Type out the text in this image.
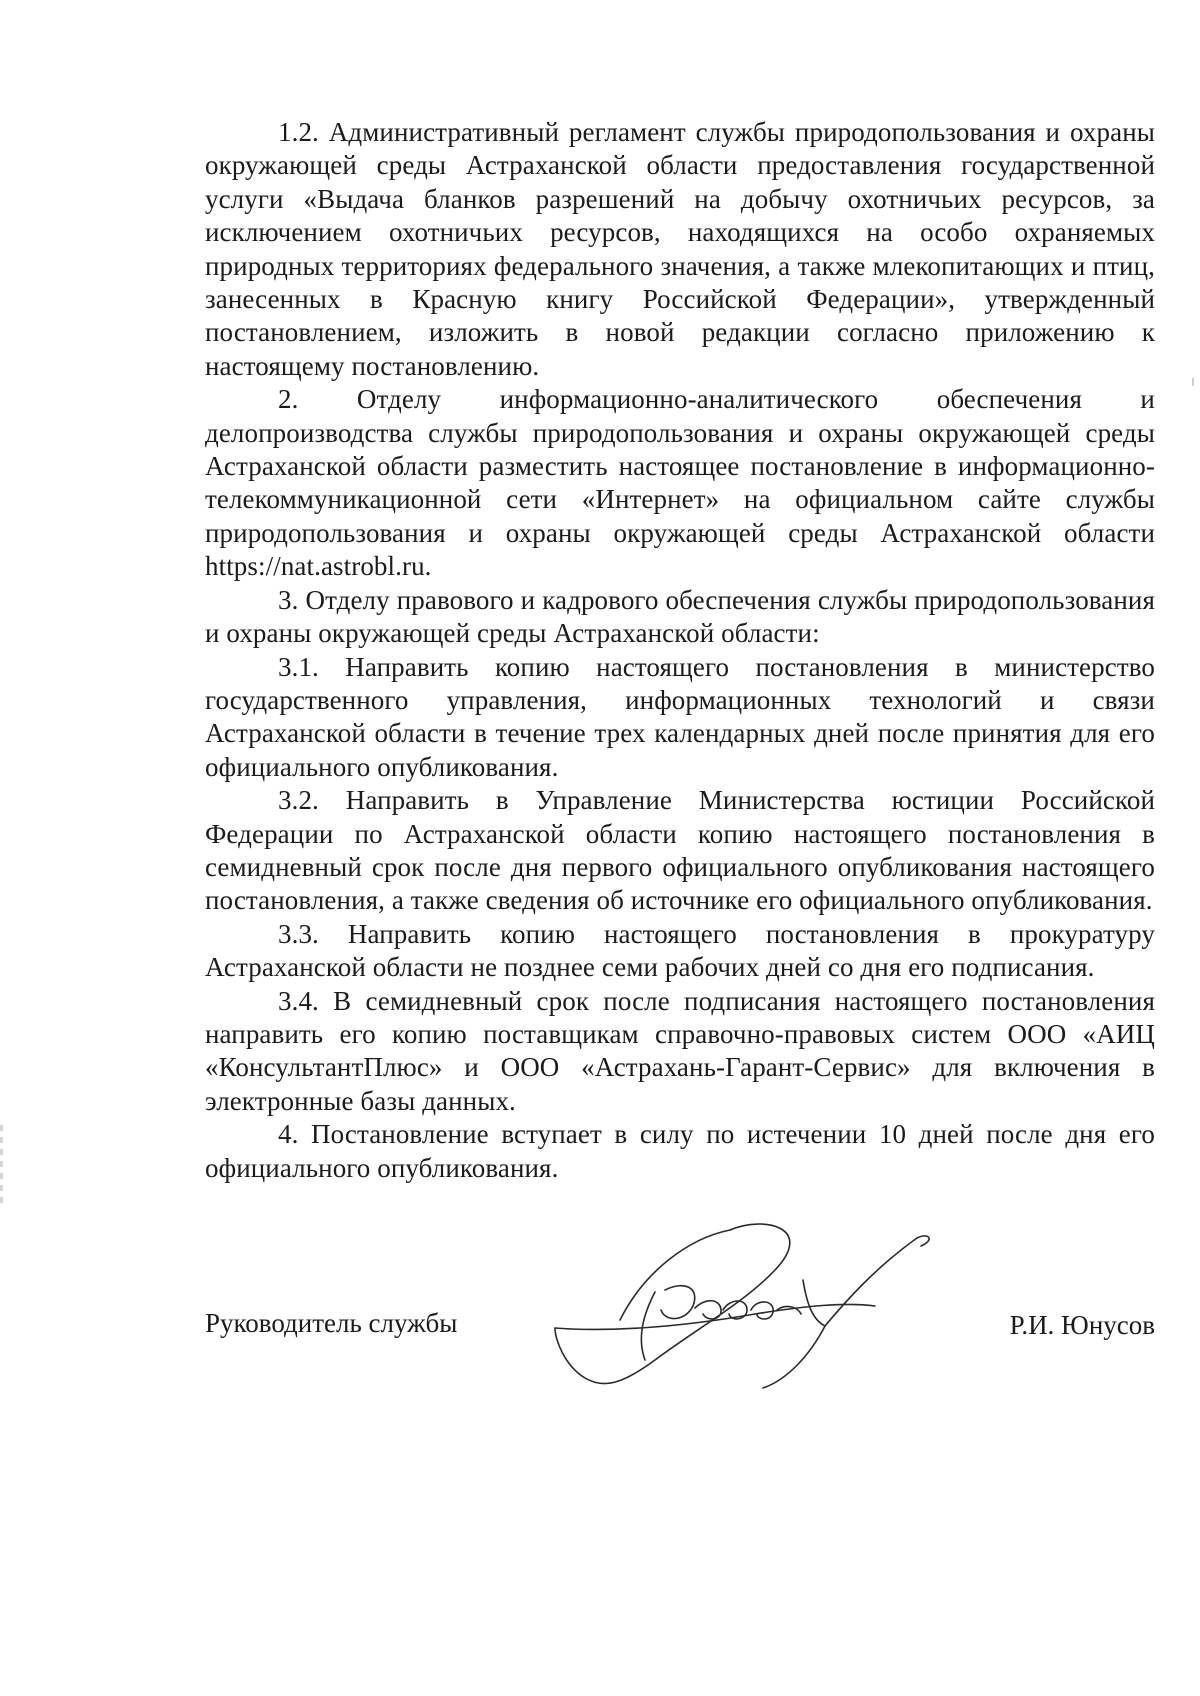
1.2. Административный регламент службы природопользования и охраны окружающей среды Астраханской области предоставления государственной услуги «Выдача бланков разрешений на добычу охотничьих ресурсов, за исключением охотничьих ресурсов, находящихся на особо охраняемых природных территориях федерального значения, а также млекопитающих и птиц, занесенных в Красную книгу Российской Федерации», утвержденный постановлением, изложить в новой редакции согласно приложению к настоящему постановлению.

2. Отделу информационно-аналитического обеспечения и делопроизводства службы природопользования и охраны окружающей среды Астраханской области разместить настоящее постановление в информационно-телекоммуникационной сети «Интернет» на официальном сайте службы природопользования и охраны окружающей среды Астраханской области https://nat.astrobl.ru.

3. Отделу правового и кадрового обеспечения службы природопользования и охраны окружающей среды Астраханской области:

3.1. Направить копию настоящего постановления в министерство государственного управления, информационных технологий и связи Астраханской области в течение трех календарных дней после принятия для его официального опубликования.

3.2. Направить в Управление Министерства юстиции Российской Федерации по Астраханской области копию настоящего постановления в семидневный срок после дня первого официального опубликования настоящего постановления, а также сведения об источнике его официального опубликования.

3.3. Направить копию настоящего постановления в прокуратуру Астраханской области не позднее семи рабочих дней со дня его подписания.

3.4. В семидневный срок после подписания настоящего постановления направить его копию поставщикам справочно-правовых систем ООО «АИЦ «КонсультантПлюс» и ООО «Астрахань-Гарант-Сервис» для включения в электронные базы данных.

4. Постановление вступает в силу по истечении 10 дней после дня его официального опубликования.

Руководитель службы	Р.И. Юнусов
